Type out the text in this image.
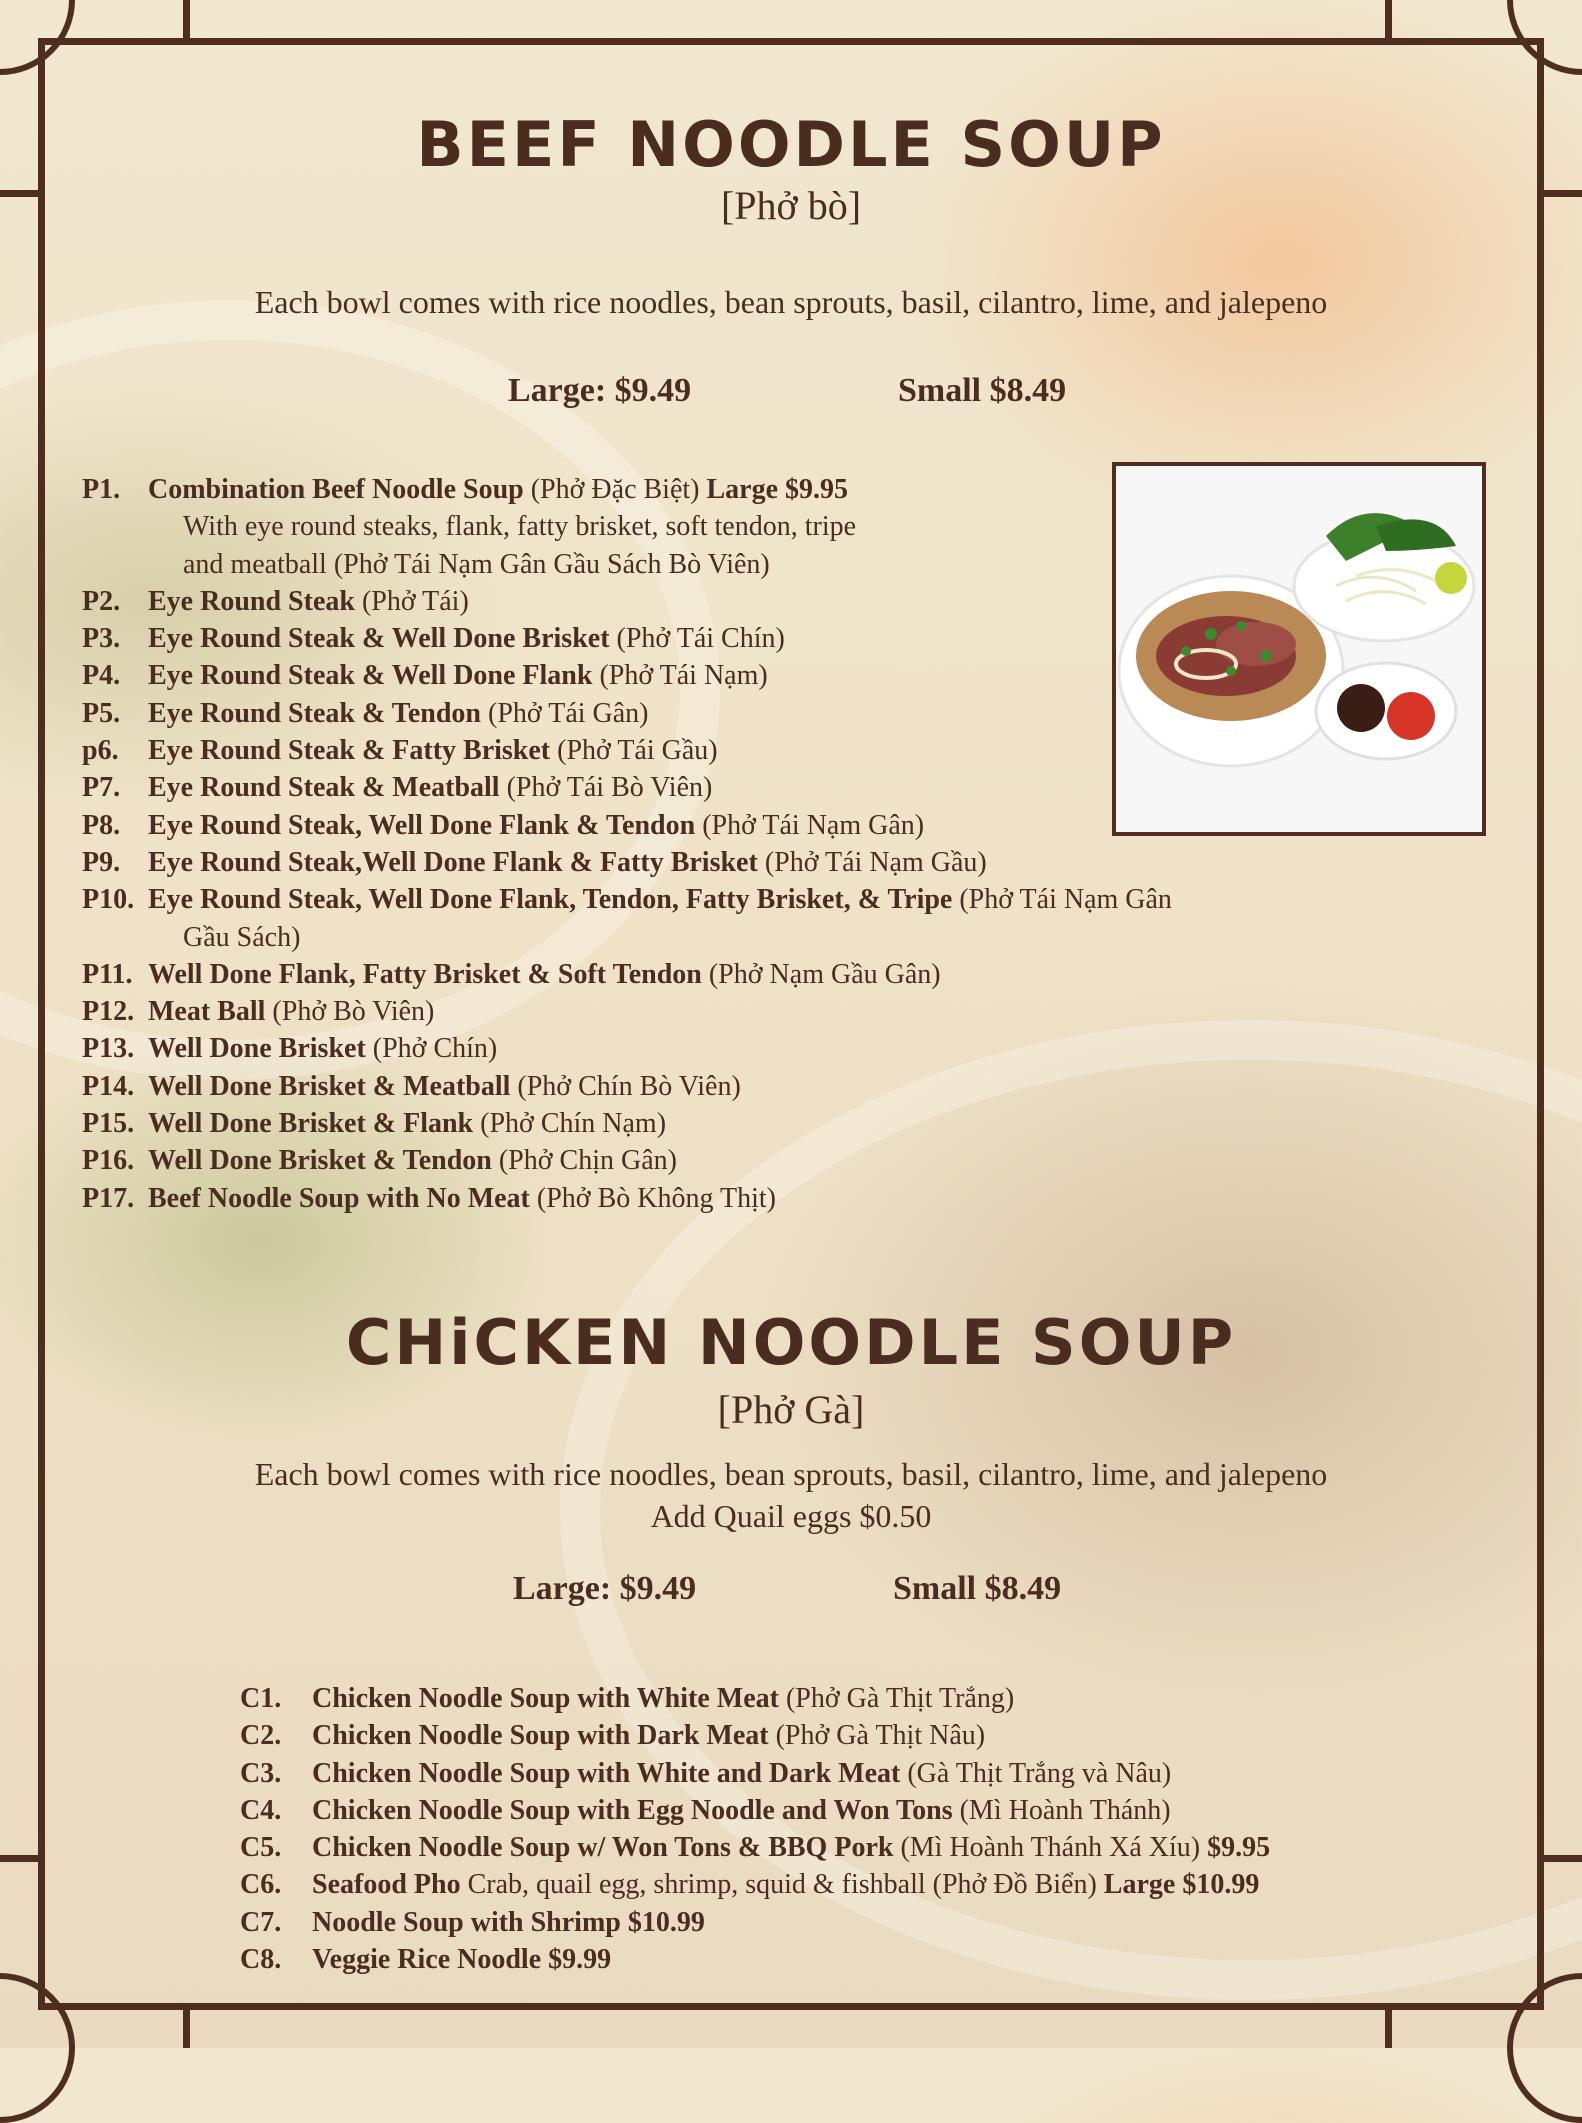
BEEF NOODLE SOUP
[Phở bò]
Each bowl comes with rice noodles, bean sprouts, basil, cilantro, lime, and jalepeno
Large: $9.49	Small $8.49
P1. Combination Beef Noodle Soup (Phở Đặc Biệt) Large $9.95
With eye round steaks, flank, fatty brisket, soft tendon, tripe
and meatball (Phở Tái Nạm Gân Gầu Sách Bò Viên)
P2. Eye Round Steak (Phở Tái)
P3. Eye Round Steak & Well Done Brisket (Phở Tái Chín)
P4. Eye Round Steak & Well Done Flank (Phở Tái Nạm)
P5. Eye Round Steak & Tendon (Phở Tái Gân)
p6. Eye Round Steak & Fatty Brisket (Phở Tái Gầu)
P7. Eye Round Steak & Meatball (Phở Tái Bò Viên)
P8. Eye Round Steak, Well Done Flank & Tendon (Phở Tái Nạm Gân)
P9. Eye Round Steak,Well Done Flank & Fatty Brisket (Phở Tái Nạm Gầu)
P10. Eye Round Steak, Well Done Flank, Tendon, Fatty Brisket, & Tripe (Phở Tái Nạm Gân
Gầu Sách)
P11. Well Done Flank, Fatty Brisket & Soft Tendon (Phở Nạm Gầu Gân)
P12. Meat Ball (Phở Bò Viên)
P13. Well Done Brisket (Phở Chín)
P14. Well Done Brisket & Meatball (Phở Chín Bò Viên)
P15. Well Done Brisket & Flank (Phở Chín Nạm)
P16. Well Done Brisket & Tendon (Phở Chịn Gân)
P17. Beef Noodle Soup with No Meat (Phở Bò Không Thịt)
CHiCKEN NOODLE SOUP
[Phở Gà]
Each bowl comes with rice noodles, bean sprouts, basil, cilantro, lime, and jalepeno
Add Quail eggs $0.50
Large: $9.49	Small $8.49
C1. Chicken Noodle Soup with White Meat (Phở Gà Thịt Trắng)
C2. Chicken Noodle Soup with Dark Meat (Phở Gà Thịt Nâu)
C3. Chicken Noodle Soup with White and Dark Meat (Gà Thịt Trắng và Nâu)
C4. Chicken Noodle Soup with Egg Noodle and Won Tons (Mì Hoành Thánh)
C5. Chicken Noodle Soup w/ Won Tons & BBQ Pork (Mì Hoành Thánh Xá Xíu) $9.95
C6. Seafood Pho Crab, quail egg, shrimp, squid & fishball (Phở Đồ Biển) Large $10.99
C7. Noodle Soup with Shrimp $10.99
C8. Veggie Rice Noodle $9.99
